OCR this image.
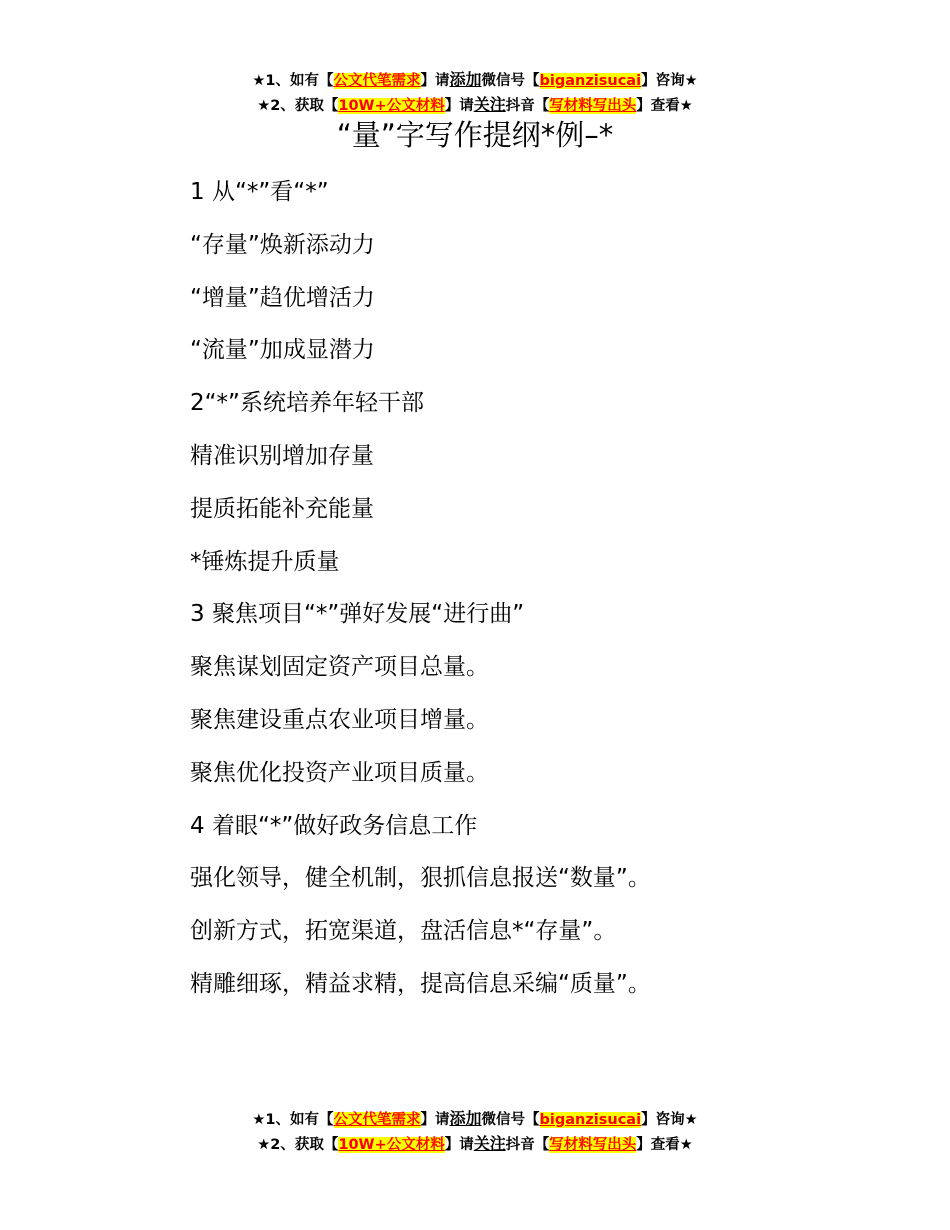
★1、如有【公文代笔需求】请添加微信号【biganzisucai】咨询★
★2、获取【10W+公文材料】请关注抖音【写材料写出头】查看★
“量”字写作提纲*例–*
1 从“*”看“*”
“存量”焕新添动力
“增量”趋优增活力
“流量”加成显潜力
2“*”系统培养年轻干部
精准识别增加存量
提质拓能补充能量
*锤炼提升质量
3 聚焦项目“*”弹好发展“进行曲”
聚焦谋划固定资产项目总量。
聚焦建设重点农业项目增量。
聚焦优化投资产业项目质量。
4 着眼“*”做好政务信息工作
强化领导，健全机制，狠抓信息报送“数量”。
创新方式，拓宽渠道，盘活信息*“存量”。
精雕细琢，精益求精，提高信息采编“质量”。
★1、如有【公文代笔需求】请添加微信号【biganzisucai】咨询★
★2、获取【10W+公文材料】请关注抖音【写材料写出头】查看★
